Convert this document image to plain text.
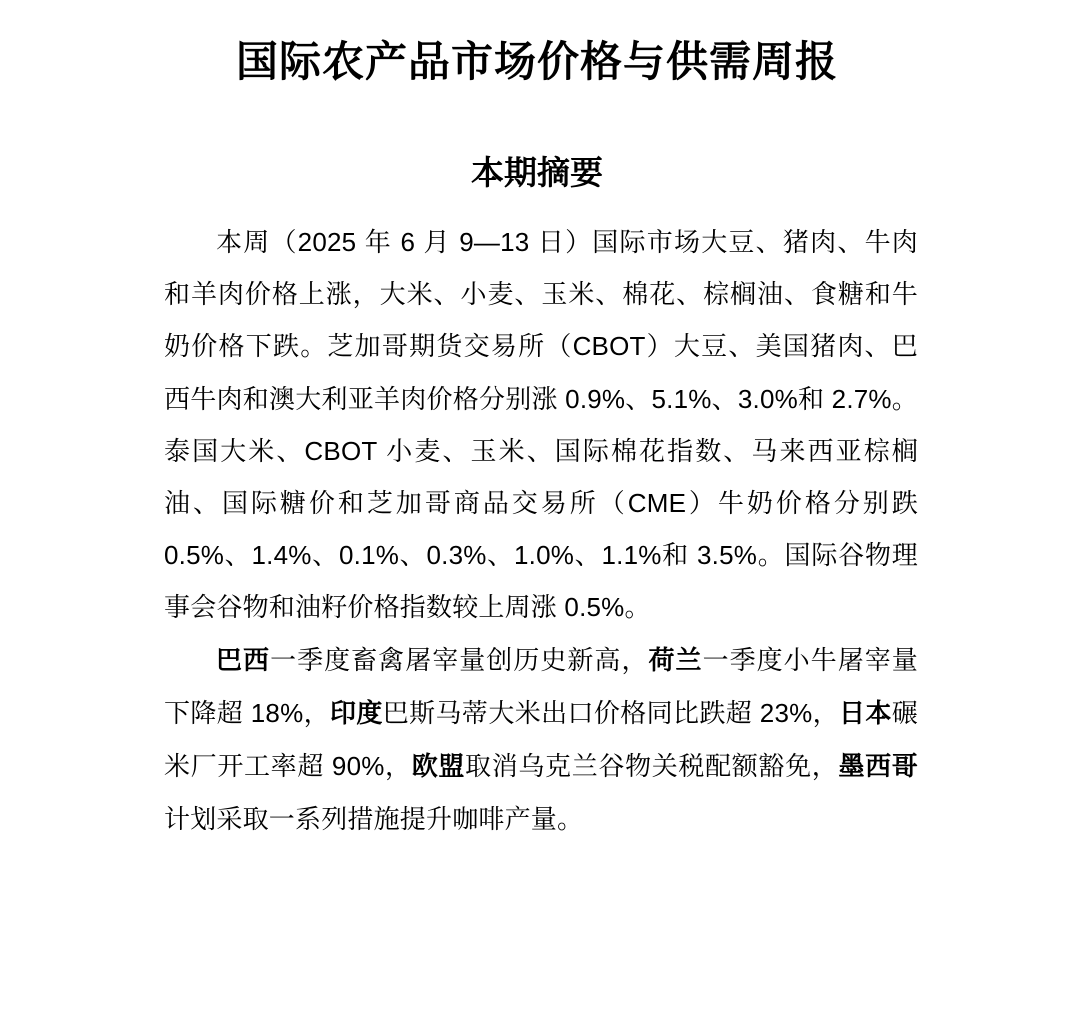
国际农产品市场价格与供需周报
本期摘要

本周（2025 年 6 月 9—13 日）国际市场大豆、猪肉、牛肉和羊肉价格上涨，大米、小麦、玉米、棉花、棕榈油、食糖和牛奶价格下跌。芝加哥期货交易所（CBOT）大豆、美国猪肉、巴西牛肉和澳大利亚羊肉价格分别涨 0.9%、5.1%、3.0%和 2.7%。泰国大米、CBOT 小麦、玉米、国际棉花指数、马来西亚棕榈油、国际糖价和芝加哥商品交易所（CME）牛奶价格分别跌 0.5%、1.4%、0.1%、0.3%、1.0%、1.1%和 3.5%。国际谷物理事会谷物和油籽价格指数较上周涨 0.5%。

巴西一季度畜禽屠宰量创历史新高，荷兰一季度小牛屠宰量下降超 18%，印度巴斯马蒂大米出口价格同比跌超 23%，日本碾米厂开工率超 90%，欧盟取消乌克兰谷物关税配额豁免，墨西哥计划采取一系列措施提升咖啡产量。
